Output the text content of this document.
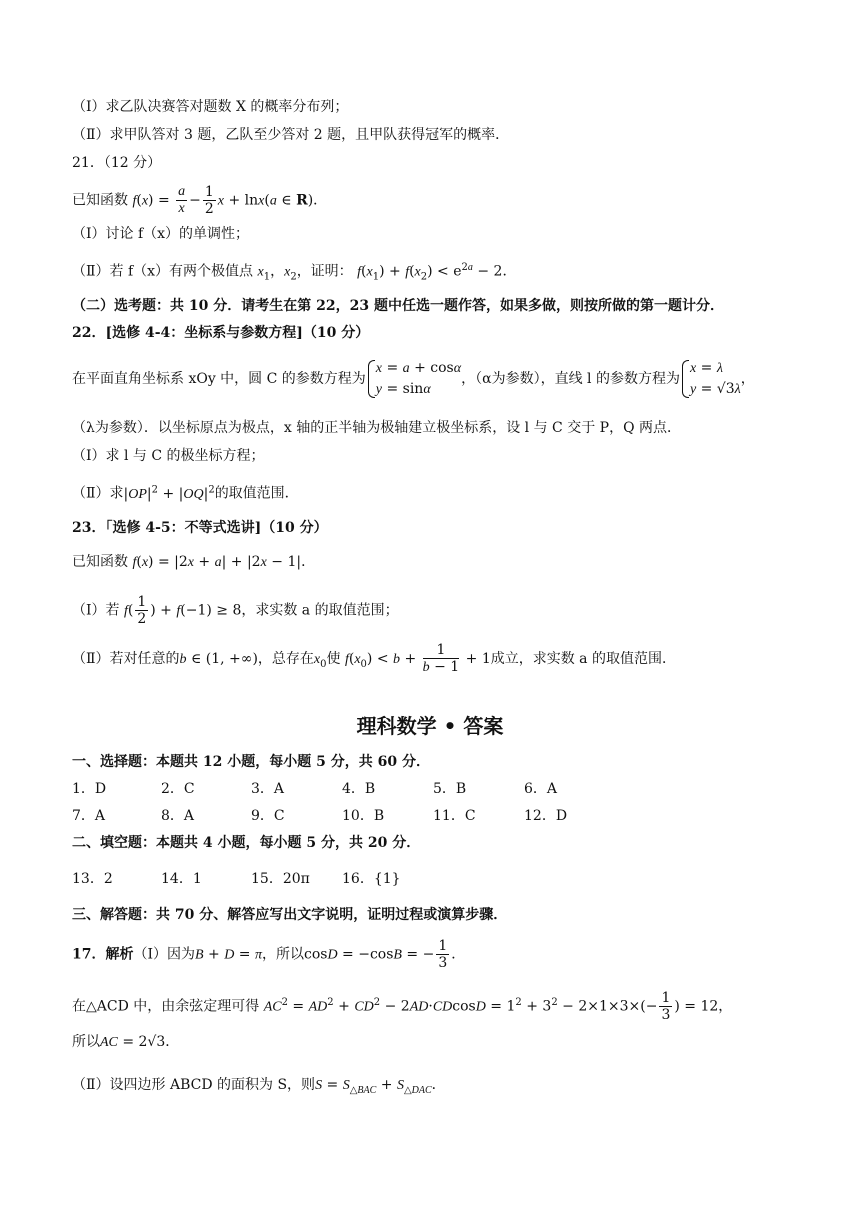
（Ⅰ）求乙队决赛答对题数 X 的概率分布列；
（Ⅱ）求甲队答对 3 题，乙队至少答对 2 题，且甲队获得冠军的概率．
21．（12 分）
已知函数 $f(x) = \frac{a}{x} - \frac{1}{2}$ x + lnx(a ∈ R)．
（Ⅰ）讨论 f（x）的单调性；
（Ⅱ）若 f（x）有两个极值点 $x_1$，$x_2$，证明： $f(x_1) + f(x_2) < e^{2a} - 2$．
（二）选考题：共 10 分．请考生在第 22，23 题中任选一题作答，如果多做，则按所做的第一题计分．
22．[选修 4-4：坐标系与参数方程]（10 分）
在平面直角坐标系 xOy 中，圆 C 的参数方程为
x = a + cosα
y = sinα
，（α为参数），直线 l 的参数方程为
x = λ
y = √3λ
，
（λ为参数）．以坐标原点为极点，x 轴的正半轴为极轴建立极坐标系，设 l 与 C 交于 P，Q 两点．
（Ⅰ）求 l 与 C 的极坐标方程；
（Ⅱ）求$|OP|^2 + |OQ|^2$的取值范围．
23．「选修 4-5：不等式选讲]（10 分）
已知函数 f(x) = |2x + a| + |2x − 1|．
（Ⅰ）若 $f( \frac{1}{2}$ ) + f(−1) ≥ 8，求实数 a 的取值范围；
（Ⅱ）若对任意的b ∈ (1, +∞)，总存在$x_0$使 $f(x_0) < b + \frac{1}{b - 1} + 1$成立，求实数 a 的取值范围．
理科数学 • 答案
一、选择题：本题共 12 小题，每小题 5 分，共 60 分．
1．D	2．C	3．A	4．B	5．B	6．A
7．A	8．A	9．C	10．B	11．C	12．D
二、填空题：本题共 4 小题，每小题 5 分，共 20 分．
13．2	14．1	15．20π 16．{1}
三、解答题：共 70 分、解答应写出文字说明，证明过程或演算步骤．
17．解析（Ⅰ）因为B + D = π，所以cosD = −cosB = − $\frac{1}{3}$ ．
在△ACD 中，由余弦定理可得 $AC^2 = AD^2 + CD^2 - 2AD\cdot CDcosD = 1^2 + 3^2 - 2\times 1\times 3\times(- \frac{1}{3}$ ) = 12，
所以AC = 2√3．
（Ⅱ）设四边形 ABCD 的面积为 S，则$S = S_{\triangle BAC} + S_{\triangle DAC}$．
